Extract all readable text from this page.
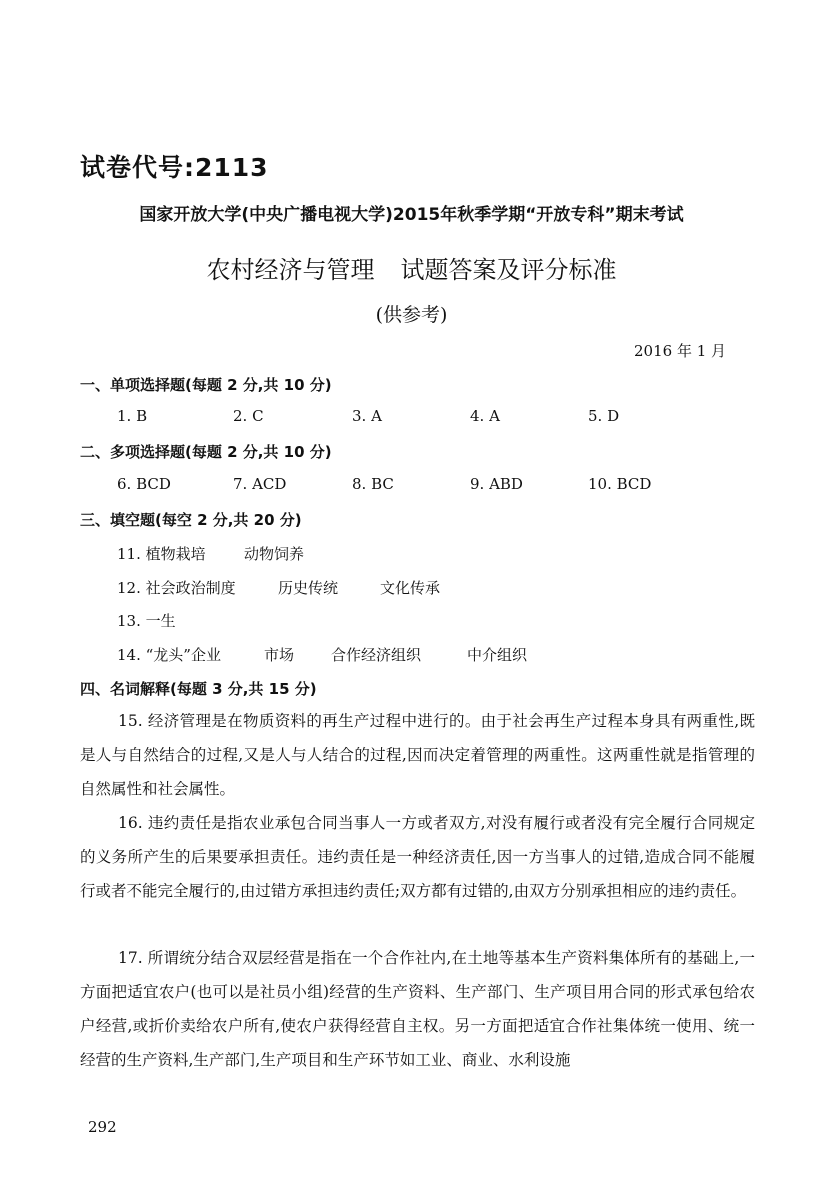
试卷代号:2113
国家开放大学(中央广播电视大学)2015年秋季学期“开放专科”期末考试
农村经济与管理 试题答案及评分标准
(供参考)
2016 年 1 月
一、单项选择题(每题 2 分,共 10 分)
1. B	2. C	3. A	4. A	5. D
二、多项选择题(每题 2 分,共 10 分)
6. BCD	7. ACD	8. BC	9. ABD	10. BCD
三、填空题(每空 2 分,共 20 分)
11. 植物栽培	动物饲养
12. 社会政治制度	历史传统	文化传承
13. 一生
14. “龙头”企业	市场 合作经济组织	中介组织
四、名词解释(每题 3 分,共 15 分)

15. 经济管理是在物质资料的再生产过程中进行的。由于社会再生产过程本身具有两重性,既是人与自然结合的过程,又是人与人结合的过程,因而决定着管理的两重性。这两重性就是指管理的自然属性和社会属性。

16. 违约责任是指农业承包合同当事人一方或者双方,对没有履行或者没有完全履行合同规定的义务所产生的后果要承担责任。违约责任是一种经济责任,因一方当事人的过错,造成合同不能履行或者不能完全履行的,由过错方承担违约责任;双方都有过错的,由双方分别承担相应的违约责任。

17. 所谓统分结合双层经营是指在一个合作社内,在土地等基本生产资料集体所有的基础上,一方面把适宜农户(也可以是社员小组)经营的生产资料、生产部门、生产项目用合同的形式承包给农户经营,或折价卖给农户所有,使农户获得经营自主权。另一方面把适宜合作社集体统一使用、统一经营的生产资料,生产部门,生产项目和生产环节如工业、商业、水利设施

292
